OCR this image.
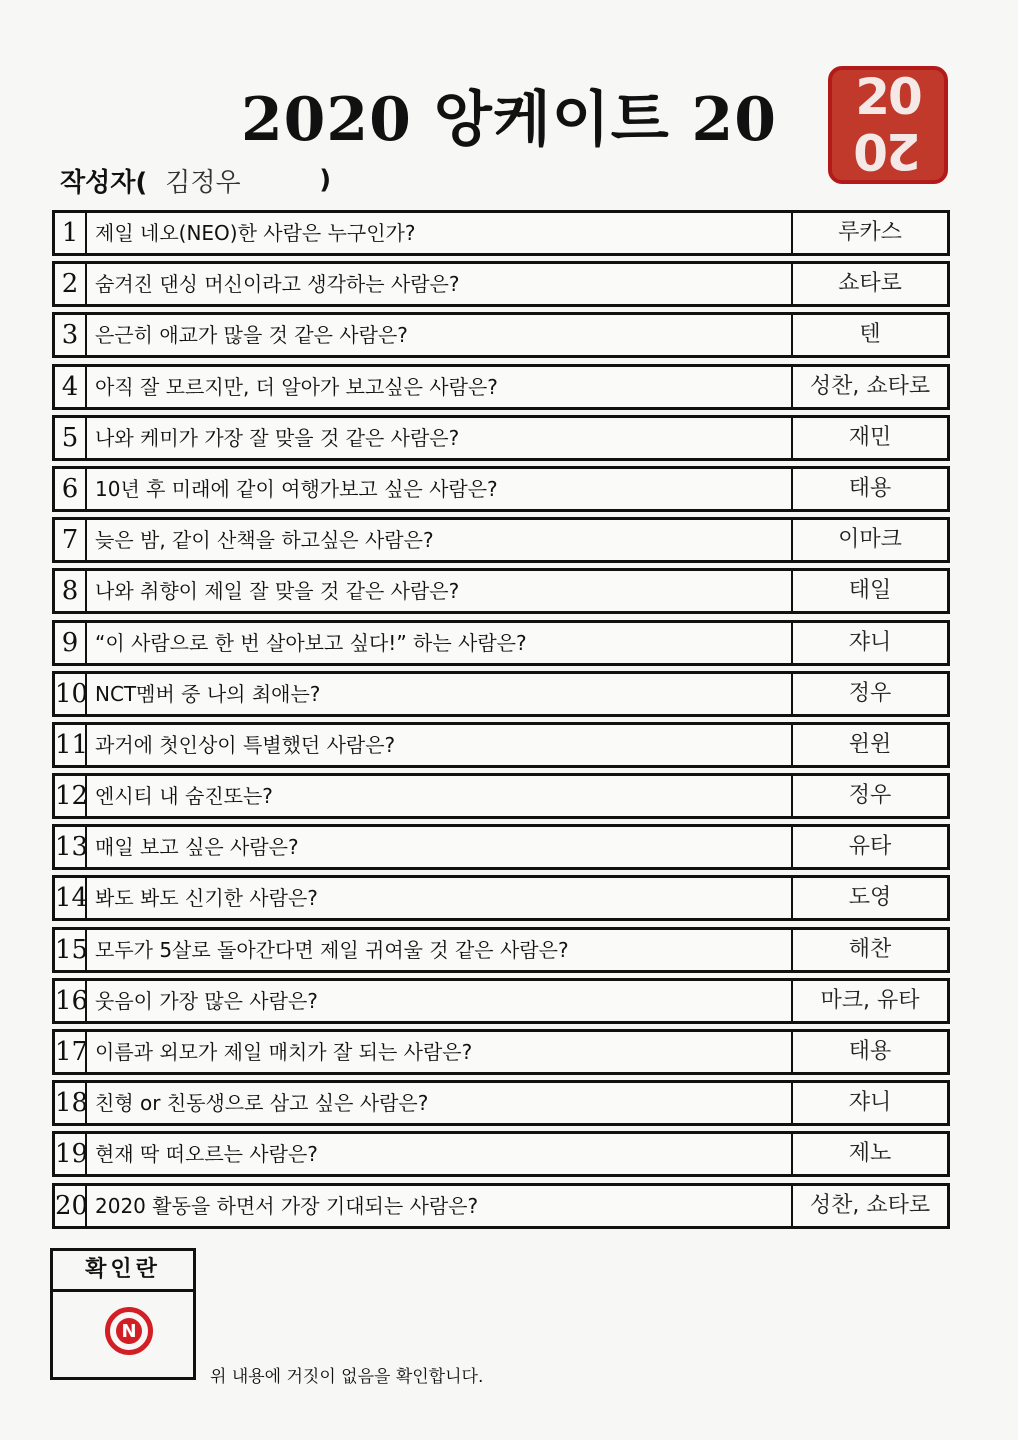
2020 앙케이트 20	20
20
작성자( 김정우	)
1 제일 네오(NEO)한 사람은 누구인가?	루카스
2 숨겨진 댄싱 머신이라고 생각하는 사람은?	쇼타로
3 은근히 애교가 많을 것 같은 사람은?	텐
4 아직 잘 모르지만, 더 알아가 보고싶은 사람은?	성찬, 쇼타로
5 나와 케미가 가장 잘 맞을 것 같은 사람은?	재민
6 10년 후 미래에 같이 여행가보고 싶은 사람은?	태용
7 늦은 밤, 같이 산책을 하고싶은 사람은?	이마크
8 나와 취향이 제일 잘 맞을 것 같은 사람은?	태일
9 “이 사람으로 한 번 살아보고 싶다!” 하는 사람은?	쟈니
10 NCT멤버 중 나의 최애는?	정우
11 과거에 첫인상이 특별했던 사람은?	윈윈
12 엔시티 내 숨진또는?	정우
13 매일 보고 싶은 사람은?	유타
14 봐도 봐도 신기한 사람은?	도영
15 모두가 5살로 돌아간다면 제일 귀여울 것 같은 사람은?	해찬
16 웃음이 가장 많은 사람은?	마크, 유타
17 이름과 외모가 제일 매치가 잘 되는 사람은?	태용
18 친형 or 친동생으로 삼고 싶은 사람은?	쟈니
19 현재 딱 떠오르는 사람은?	제노
20 2020 활동을 하면서 가장 기대되는 사람은?	성찬, 쇼타로
확인란
N
위 내용에 거짓이 없음을 확인합니다.
